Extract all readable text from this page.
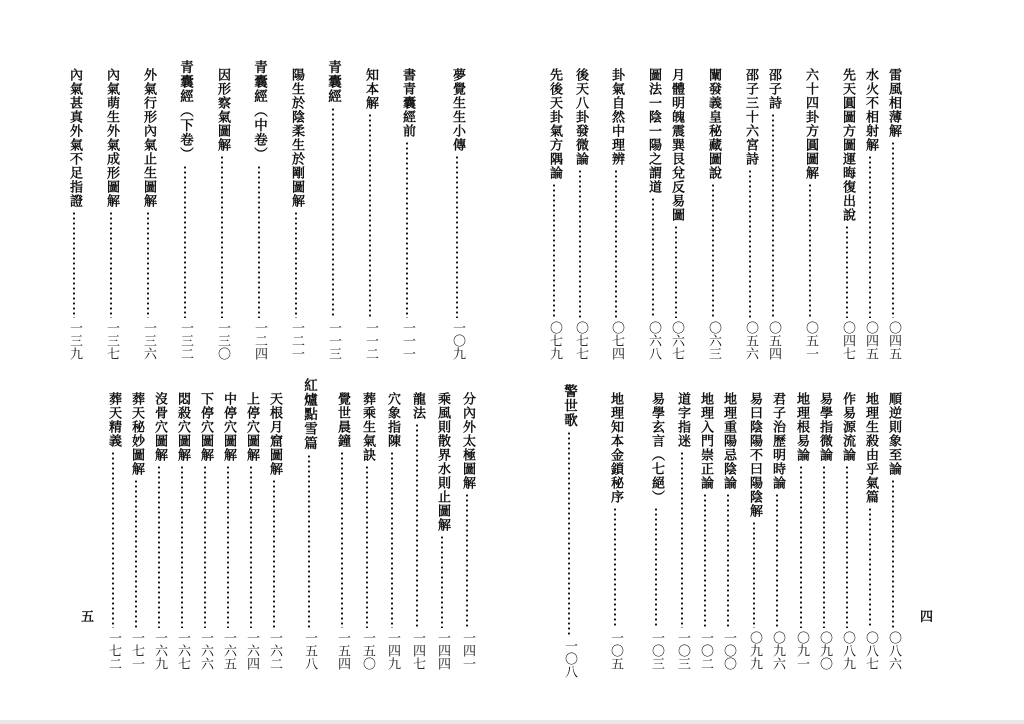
五	四
夢覺生生小傳
一〇九
書青囊經前
一一一
知本解
一一二
青囊經
一一三
陽生於陰柔生於剛圖解
一二一
青囊經（中卷）
一二四
因形察氣圖解
一三〇
青囊經（下卷）
一三二
外氣行形內氣止生圖解
一三六
內氣萌生外氣成形圖解
一三七
內氣甚真外氣不足指證
一三九
分內外太極圖解
一四一
乘風則散界水則止圖解
一四四
龍法
一四七
穴象指陳
一四九
葬乘生氣訣
一五〇
覺世晨鐘
一五四
紅爐點雪篇
一五八
天根月窟圖解
一六二
上停穴圖解
一六四
中停穴圖解
一六五
下停穴圖解
一六六
悶殺穴圖解
一六七
沒骨穴圖解
一六九
葬天秘妙圖解
一七一
葬天精義
一七二
雷風相薄解
〇四五
水火不相射解
〇四五
先天圓圖方圖運晦復出說
〇四七
六十四卦方圓圖解
〇五一
邵子詩
〇五四
邵子三十六宮詩
〇五六
闡發義皇秘藏圖說
〇六三
月體明魄震巽艮兌反易圖
〇六七
圖法一陰一陽之謂道
〇六八
卦氣自然中理辨
〇七四
後天八卦發微論
〇七七
先後天卦氣方隅論
〇七九
順逆則象至論
〇八六
地理生殺由乎氣篇
〇八七
作易源流論
〇八九
易學指微論
〇九〇
地理根易論
〇九一
君子治歷明時論
〇九六
易曰陰陽不曰陽陰解
〇九九
地理重陽忌陰論
一〇〇
地理入門崇正論
一〇二
道字指迷
一〇三
易學玄言（七絕）
一〇三
地理知本金鎖秘序
一〇五
警世歌
一〇八
